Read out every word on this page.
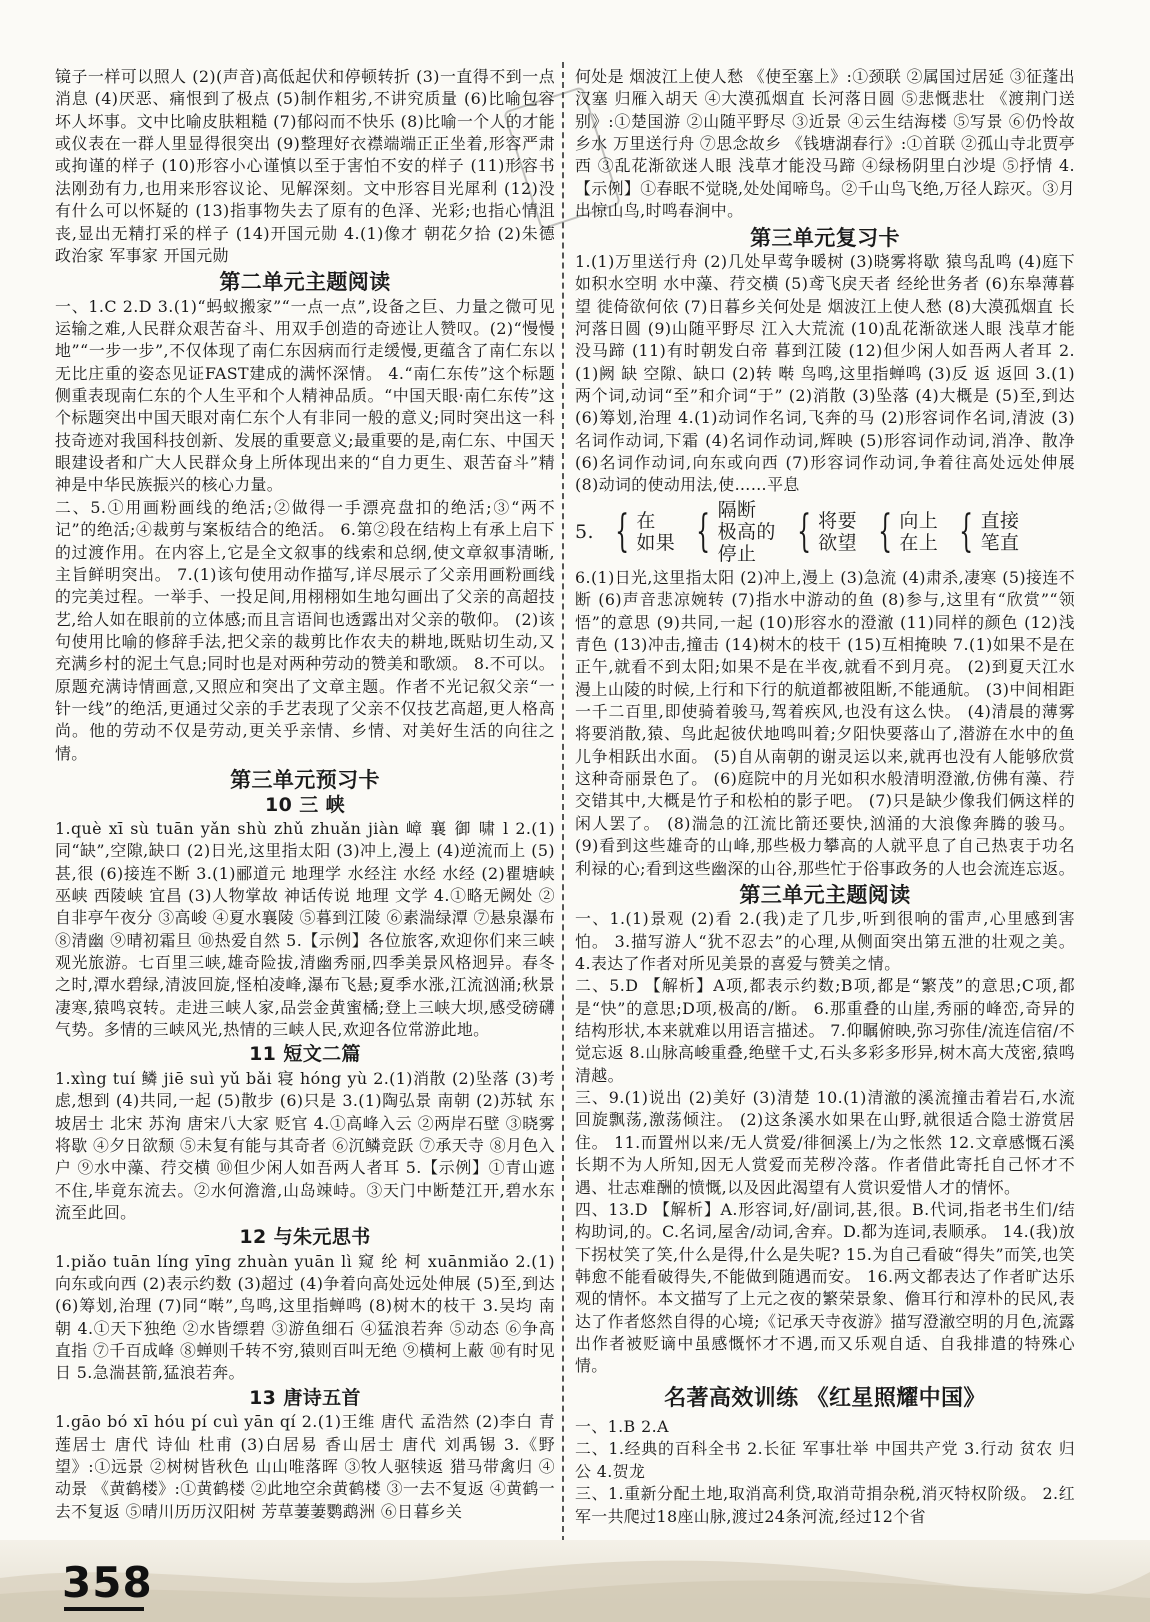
镜子一样可以照人 (2)(声音)高低起伏和停顿转折 (3)一直得不到一点消息 (4)厌恶、痛恨到了极点 (5)制作粗劣,不讲究质量 (6)比喻包容坏人坏事。文中比喻皮肤粗糙 (7)郁闷而不快乐 (8)比喻一个人的才能或仪表在一群人里显得很突出 (9)整理好衣襟端端正正坐着,形容严肃或拘谨的样子 (10)形容小心谨慎以至于害怕不安的样子 (11)形容书法刚劲有力,也用来形容议论、见解深刻。文中形容目光犀利 (12)没有什么可以怀疑的 (13)指事物失去了原有的色泽、光彩;也指心情沮丧,显出无精打采的样子 (14)开国元勋 4.(1)像才 朝花夕拾 (2)朱德 政治家 军事家 开国元勋

第二单元主题阅读

一、1.C 2.D 3.(1)“蚂蚁搬家”“一点一点”,设备之巨、力量之微可见运输之难,人民群众艰苦奋斗、用双手创造的奇迹让人赞叹。(2)“慢慢地”“一步一步”,不仅体现了南仁东因病而行走缓慢,更蕴含了南仁东以无比庄重的姿态见证FAST建成的满怀深情。 4.“南仁东传”这个标题侧重表现南仁东的个人生平和个人精神品质。“中国天眼·南仁东传”这个标题突出中国天眼对南仁东个人有非同一般的意义;同时突出这一科技奇迹对我国科技创新、发展的重要意义;最重要的是,南仁东、中国天眼建设者和广大人民群众身上所体现出来的“自力更生、艰苦奋斗”精神是中华民族振兴的核心力量。

二、5.①用画粉画线的绝活;②做得一手漂亮盘扣的绝活;③“两不记”的绝活;④裁剪与案板结合的绝活。 6.第②段在结构上有承上启下的过渡作用。在内容上,它是全文叙事的线索和总纲,使文章叙事清晰,主旨鲜明突出。 7.(1)该句使用动作描写,详尽展示了父亲用画粉画线的完美过程。一举手、一投足间,用栩栩如生地勾画出了父亲的高超技艺,给人如在眼前的立体感;而且言语间也透露出对父亲的敬仰。 (2)该句使用比喻的修辞手法,把父亲的裁剪比作农夫的耕地,既贴切生动,又充满乡村的泥土气息;同时也是对两种劳动的赞美和歌颂。 8.不可以。原题充满诗情画意,又照应和突出了文章主题。作者不光记叙父亲“一针一线”的绝活,更通过父亲的手艺表现了父亲不仅技艺高超,更人格高尚。他的劳动不仅是劳动,更关乎亲情、乡情、对美好生活的向往之情。

第三单元预习卡
10 三 峡

1.què xī sù tuān yǎn shù zhǔ zhuǎn jiàn 嶂 襄 御 啸 l 2.(1)同“缺”,空隙,缺口 (2)日光,这里指太阳 (3)冲上,漫上 (4)逆流而上 (5)甚,很 (6)接连不断 3.(1)郦道元 地理学 水经注 水经 水经 (2)瞿塘峡 巫峡 西陵峡 宜昌 (3)人物掌故 神话传说 地理 文学 4.①略无阙处 ②自非亭午夜分 ③高峻 ④夏水襄陵 ⑤暮到江陵 ⑥素湍绿潭 ⑦悬泉瀑布 ⑧清幽 ⑨晴初霜旦 ⑩热爱自然 5.【示例】各位旅客,欢迎你们来三峡观光旅游。七百里三峡,雄奇险拔,清幽秀丽,四季美景风格迥异。春冬之时,潭水碧绿,清波回旋,怪柏凌峰,瀑布飞悬;夏季水涨,江流汹涌;秋景凄寒,猿鸣哀转。走进三峡人家,品尝金黄蜜橘;登上三峡大坝,感受磅礴气势。多情的三峡风光,热情的三峡人民,欢迎各位常游此地。

11 短文二篇

1.xìng tuí 鳞 jiē suì yǔ bǎi 寝 hóng yù 2.(1)消散 (2)坠落 (3)考虑,想到 (4)共同,一起 (5)散步 (6)只是 3.(1)陶弘景 南朝 (2)苏轼 东坡居士 北宋 苏洵 唐宋八大家 贬官 4.①高峰入云 ②两岸石壁 ③晓雾将歇 ④夕日欲颓 ⑤未复有能与其奇者 ⑥沉鳞竞跃 ⑦承天寺 ⑧月色入户 ⑨水中藻、荇交横 ⑩但少闲人如吾两人者耳 5.【示例】①青山遮不住,毕竟东流去。②水何澹澹,山岛竦峙。③天门中断楚江开,碧水东流至此回。

12 与朱元思书

1.piǎo tuān líng yīng zhuàn yuān lì 窥 纶 柯 xuānmiǎo 2.(1)向东或向西 (2)表示约数 (3)超过 (4)争着向高处远处伸展 (5)至,到达 (6)筹划,治理 (7)同“啭”,鸟鸣,这里指蝉鸣 (8)树木的枝干 3.吴均 南朝 4.①天下独绝 ②水皆缥碧 ③游鱼细石 ④猛浪若奔 ⑤动态 ⑥争高直指 ⑦千百成峰 ⑧蝉则千转不穷,猿则百叫无绝 ⑨横柯上蔽 ⑩有时见日 5.急湍甚箭,猛浪若奔。

13 唐诗五首

1.gāo bó xī hóu pí cuì yān qí 2.(1)王维 唐代 孟浩然 (2)李白 青莲居士 唐代 诗仙 杜甫 (3)白居易 香山居士 唐代 刘禹锡 3.《野望》:①远景 ②树树皆秋色 山山唯落晖 ③牧人驱犊返 猎马带禽归 ④动景 《黄鹤楼》:①黄鹤楼 ②此地空余黄鹤楼 ③一去不复返 ④黄鹤一去不复返 ⑤晴川历历汉阳树 芳草萋萋鹦鹉洲 ⑥日暮乡关

何处是 烟波江上使人愁 《使至塞上》:①颈联 ②属国过居延 ③征蓬出汉塞 归雁入胡天 ④大漠孤烟直 长河落日圆 ⑤悲慨悲壮 《渡荆门送别》:①楚国游 ②山随平野尽 ③近景 ④云生结海楼 ⑤写景 ⑥仍怜故乡水 万里送行舟 ⑦思念故乡 《钱塘湖春行》:①首联 ②孤山寺北贾亭西 ③乱花渐欲迷人眼 浅草才能没马蹄 ④绿杨阴里白沙堤 ⑤抒情 4.【示例】①春眠不觉晓,处处闻啼鸟。②千山鸟飞绝,万径人踪灭。③月出惊山鸟,时鸣春涧中。

第三单元复习卡

1.(1)万里送行舟 (2)几处早莺争暖树 (3)晓雾将歇 猿鸟乱鸣 (4)庭下如积水空明 水中藻、荇交横 (5)鸢飞戾天者 经纶世务者 (6)东皋薄暮望 徙倚欲何依 (7)日暮乡关何处是 烟波江上使人愁 (8)大漠孤烟直 长河落日圆 (9)山随平野尽 江入大荒流 (10)乱花渐欲迷人眼 浅草才能没马蹄 (11)有时朝发白帝 暮到江陵 (12)但少闲人如吾两人者耳 2.(1)阙 缺 空隙、缺口 (2)转 啭 鸟鸣,这里指蝉鸣 (3)反 返 返回 3.(1)两个词,动词“至”和介词“于” (2)消散 (3)坠落 (4)大概是 (5)至,到达 (6)筹划,治理 4.(1)动词作名词,飞奔的马 (2)形容词作名词,清波 (3)名词作动词,下霜 (4)名词作动词,辉映 (5)形容词作动词,消净、散净 (6)名词作动词,向东或向西 (7)形容词作动词,争着往高处远处伸展 (8)动词的使动用法,使……平息

5. { 在
如果 { 隔断
极高的
停止 { 将要
欲望 { 向上
在上 { 直接
笔直

6.(1)日光,这里指太阳 (2)冲上,漫上 (3)急流 (4)肃杀,凄寒 (5)接连不断 (6)声音悲凉婉转 (7)指水中游动的鱼 (8)参与,这里有“欣赏”“领悟”的意思 (9)共同,一起 (10)形容水的澄澈 (11)同样的颜色 (12)浅青色 (13)冲击,撞击 (14)树木的枝干 (15)互相掩映 7.(1)如果不是在正午,就看不到太阳;如果不是在半夜,就看不到月亮。 (2)到夏天江水漫上山陵的时候,上行和下行的航道都被阻断,不能通航。 (3)中间相距一千二百里,即使骑着骏马,驾着疾风,也没有这么快。 (4)清晨的薄雾将要消散,猿、鸟此起彼伏地鸣叫着;夕阳快要落山了,潜游在水中的鱼儿争相跃出水面。 (5)自从南朝的谢灵运以来,就再也没有人能够欣赏这种奇丽景色了。 (6)庭院中的月光如积水般清明澄澈,仿佛有藻、荇交错其中,大概是竹子和松柏的影子吧。 (7)只是缺少像我们俩这样的闲人罢了。 (8)湍急的江流比箭还要快,汹涌的大浪像奔腾的骏马。 (9)看到这些雄奇的山峰,那些极力攀高的人就平息了自己热衷于功名利禄的心;看到这些幽深的山谷,那些忙于俗事政务的人也会流连忘返。

第三单元主题阅读

一、1.(1)景观 (2)看 2.(我)走了几步,听到很响的雷声,心里感到害怕。 3.描写游人“犹不忍去”的心理,从侧面突出第五泄的壮观之美。 4.表达了作者对所见美景的喜爱与赞美之情。

二、5.D 【解析】A项,都表示约数;B项,都是“繁茂”的意思;C项,都是“快”的意思;D项,极高的/断。 6.那重叠的山崖,秀丽的峰峦,奇异的结构形状,本来就难以用语言描述。 7.仰瞩俯映,弥习弥佳/流连信宿/不觉忘返 8.山脉高峻重叠,绝壁千丈,石头多彩多形异,树木高大茂密,猿鸣清越。

三、9.(1)说出 (2)美好 (3)清楚 10.(1)清澈的溪流撞击着岩石,水流回旋飘荡,激荡倾注。 (2)这条溪水如果在山野,就很适合隐士游赏居住。 11.而置州以来/无人赏爱/徘徊溪上/为之怅然 12.文章感慨石溪长期不为人所知,因无人赏爱而芜秽冷落。作者借此寄托自己怀才不遇、壮志难酬的愤慨,以及因此渴望有人赏识爱惜人才的情怀。

四、13.D 【解析】A.形容词,好/副词,甚,很。B.代词,指老书生们/结构助词,的。C.名词,屋舍/动词,舍弃。D.都为连词,表顺承。 14.(我)放下拐杖笑了笑,什么是得,什么是失呢? 15.为自己看破“得失”而笑,也笑韩愈不能看破得失,不能做到随遇而安。 16.两文都表达了作者旷达乐观的情怀。本文描写了上元之夜的繁荣景象、儋耳行和淳朴的民风,表达了作者悠然自得的心境;《记承天寺夜游》描写澄澈空明的月色,流露出作者被贬谪中虽感慨怀才不遇,而又乐观自适、自我排遣的特殊心情。

名著高效训练 《红星照耀中国》

一、1.B 2.A

二、1.经典的百科全书 2.长征 军事壮举 中国共产党 3.行动 贫农 归公 4.贺龙

三、1.重新分配土地,取消高利贷,取消苛捐杂税,消灭特权阶级。 2.红军一共爬过18座山脉,渡过24条河流,经过12个省

358
